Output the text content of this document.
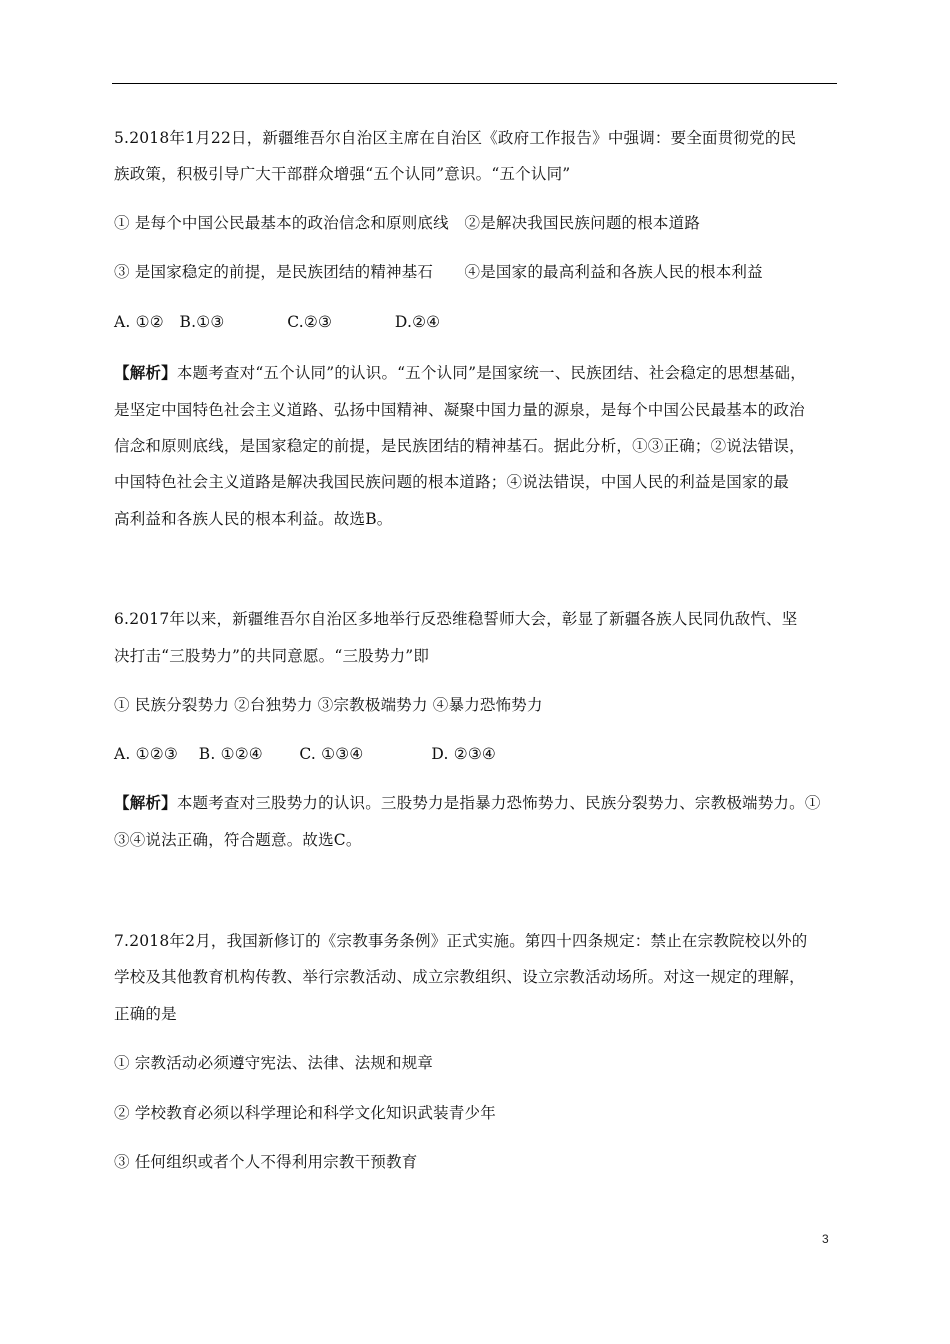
5.2018年1月22日，新疆维吾尔自治区主席在自治区《政府工作报告》中强调：要全面贯彻党的民
族政策，积极引导广大干部群众增强“五个认同”意识。“五个认同”
① 是每个中国公民最基本的政治信念和原则底线　②是解决我国民族问题的根本道路
③ 是国家稳定的前提，是民族团结的精神基石　　④是国家的最高利益和各族人民的根本利益
A. ①②　B.①③　　　　C.②③　　　　D.②④
【解析】本题考查对“五个认同”的认识。“五个认同”是国家统一、民族团结、社会稳定的思想基础，
是坚定中国特色社会主义道路、弘扬中国精神、凝聚中国力量的源泉，是每个中国公民最基本的政治
信念和原则底线，是国家稳定的前提，是民族团结的精神基石。据此分析，①③正确；②说法错误，
中国特色社会主义道路是解决我国民族问题的根本道路；④说法错误，中国人民的利益是国家的最
高利益和各族人民的根本利益。故选B。
6.2017年以来，新疆维吾尔自治区多地举行反恐维稳誓师大会，彰显了新疆各族人民同仇敌忾、坚
决打击“三股势力”的共同意愿。“三股势力”即
① 民族分裂势力 ②台独势力 ③宗教极端势力 ④暴力恐怖势力
A. ①②③　 B. ①②④　　 C. ①③④　　　　 D. ②③④
【解析】本题考查对三股势力的认识。三股势力是指暴力恐怖势力、民族分裂势力、宗教极端势力。①
③④说法正确，符合题意。故选C。
7.2018年2月，我国新修订的《宗教事务条例》正式实施。第四十四条规定：禁止在宗教院校以外的
学校及其他教育机构传教、举行宗教活动、成立宗教组织、设立宗教活动场所。对这一规定的理解，
正确的是
① 宗教活动必须遵守宪法、法律、法规和规章
② 学校教育必须以科学理论和科学文化知识武装青少年
③ 任何组织或者个人不得利用宗教干预教育
3
